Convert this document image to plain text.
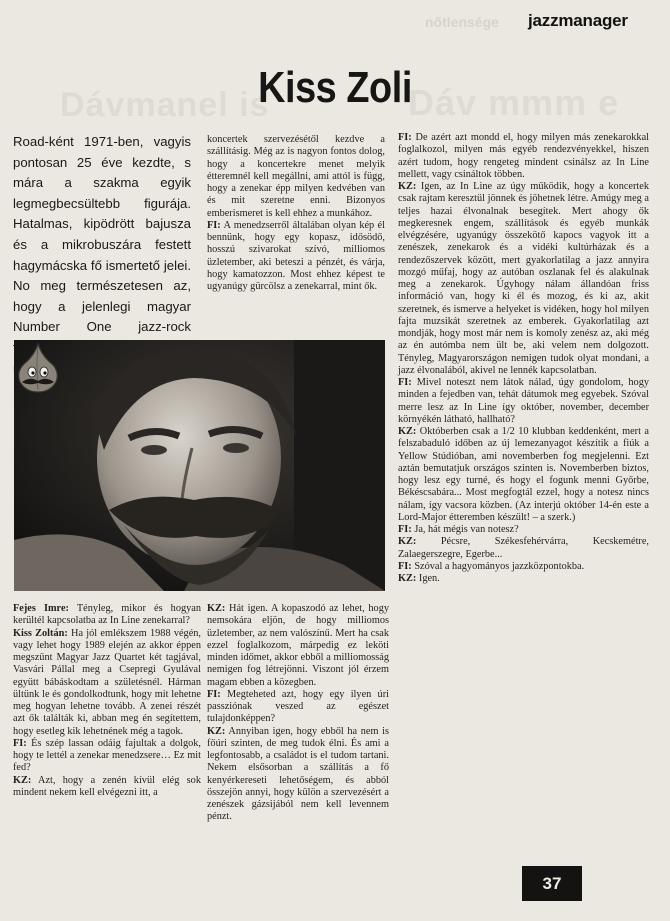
nőtlensége
Dávmanel is	Dáv mmm e
jazzmanager
Kiss Zoli
Road-ként 1971-ben, vagyis pontosan 25 éve kezdte, s mára a szakma egyik legmegbecsültebb figurája. Hatalmas, kipödrött bajusza és a mikrobuszára festett hagymácska fő ismertető jelei. No meg természetesen az, hogy a jelenlegi magyar Number One jazz-rock

koncertek szervezésétől kezdve a szállításig. Még az is nagyon fontos dolog, hogy a koncertekre menet melyik étteremnél kell megállni, ami attól is függ, hogy a zenekar épp milyen kedvében van és mit szeretne enni. Bizonyos emberismeret is kell ehhez a munkához.

FI: A menedzserről általában olyan kép él bennünk, hogy egy kopasz, idősödő, hosszú szivarokat szívó, milliomos üzletember, aki beteszi a pénzét, és várja, hogy kamatozzon. Most ehhez képest te ugyanúgy gürcölsz a zenekarral, mint ők.

FI: De azért azt mondd el, hogy milyen más zenekarokkal foglalkozol, milyen más egyéb rendezvényekkel, hiszen azért tudom, hogy rengeteg mindent csinálsz az In Line mellett, vagy csináltok többen.

KZ: Igen, az In Line az úgy működik, hogy a koncertek csak rajtam keresztül jönnek és jöhetnek létre. Amúgy meg a teljes hazai élvonalnak besegítek. Mert ahogy ők megkeresnek engem, szállítások és egyéb munkák elvégzésére, ugyanúgy összekötő kapocs vagyok itt a zenészek, zenekarok és a vidéki kultúrházak és a rendezőszervek között, mert gyakorlatilag a jazz annyira mozgó műfaj, hogy az autóban oszlanak fel és alakulnak meg a zenekarok. Úgyhogy nálam állandóan friss információ van, hogy ki él és mozog, és ki az, akit szeretnek, és ismerve a helyeket is vidéken, hogy hol milyen fajta muzsikát szeretnek az emberek. Gyakorlatilag azt mondják, hogy most már nem is komoly zenész az, aki még az én autómba nem ült be, aki velem nem dolgozott. Tényleg, Magyarországon nemigen tudok olyat mondani, a jazz élvonalából, akivel ne lennék kapcsolatban.

FI: Mivel noteszt nem látok nálad, úgy gondolom, hogy minden a fejedben van, tehát dátumok meg egyebek. Szóval merre lesz az In Line így október, november, december környékén látható, hallható?

KZ: Októberben csak a 1/2 10 klubban keddenként, mert a felszabaduló időben az új lemezanyagot készítik a fiúk a Yellow Stúdióban, ami novemberben fog megjelenni. Ezt aztán bemutatjuk országos szinten is. Novemberben biztos, hogy lesz egy turné, és hogy el fogunk menni Győrbe, Békéscsabára... Most megfogtál ezzel, hogy a notesz nincs nálam, így vacsora közben. (Az interjú október 14-én este a Lord-Major étteremben készült! – a szerk.)

FI: Ja, hát mégis van notesz?

KZ: Pécsre, Székesfehérvárra, Kecskemétre, Zalaegerszegre, Egerbe...

FI: Szóval a hagyományos jazzközpontokba.

KZ: Igen.

Fejes Imre: Tényleg, mikor és hogyan kerültél kapcsolatba az In Line zenekarral?

Kiss Zoltán: Ha jól emlékszem 1988 végén, vagy lehet hogy 1989 elején az akkor éppen megszűnt Magyar Jazz Quartet két tagjával, Vasvári Pállal meg a Csepregi Gyulával együtt bábáskodtam a születésnél. Hárman ültünk le és gondolkodtunk, hogy mit lehetne meg hogyan lehetne tovább. A zenei részét azt ők találták ki, abban meg én segítettem, hogy esetleg kik lehetnének még a tagok.

FI: És szép lassan odáig fajultak a dolgok, hogy te lettél a zenekar menedzsere… Ez mit fed?

KZ: Azt, hogy a zenén kívül elég sok mindent nekem kell elvégezni itt, a

KZ: Hát igen. A kopaszodó az lehet, hogy nemsokára eljön, de hogy milliomos üzletember, az nem valószínű. Mert ha csak ezzel foglalkozom, márpedig ez leköti minden időmet, akkor ebből a milliomosság nemigen fog létrejönni. Viszont jól érzem magam ebben a közegben.

FI: Megteheted azt, hogy egy ilyen úri passziónak veszed az egészet tulajdonképpen?

KZ: Annyiban igen, hogy ebből ha nem is főúri szinten, de meg tudok élni. És ami a legfontosabb, a családot is el tudom tartani. Nekem elsősorban a szállítás a fő kenyérkereseti lehetőségem, és abból összejön annyi, hogy külön a szervezésért a zenészek gázsijából nem kell levennem pénzt.

37
